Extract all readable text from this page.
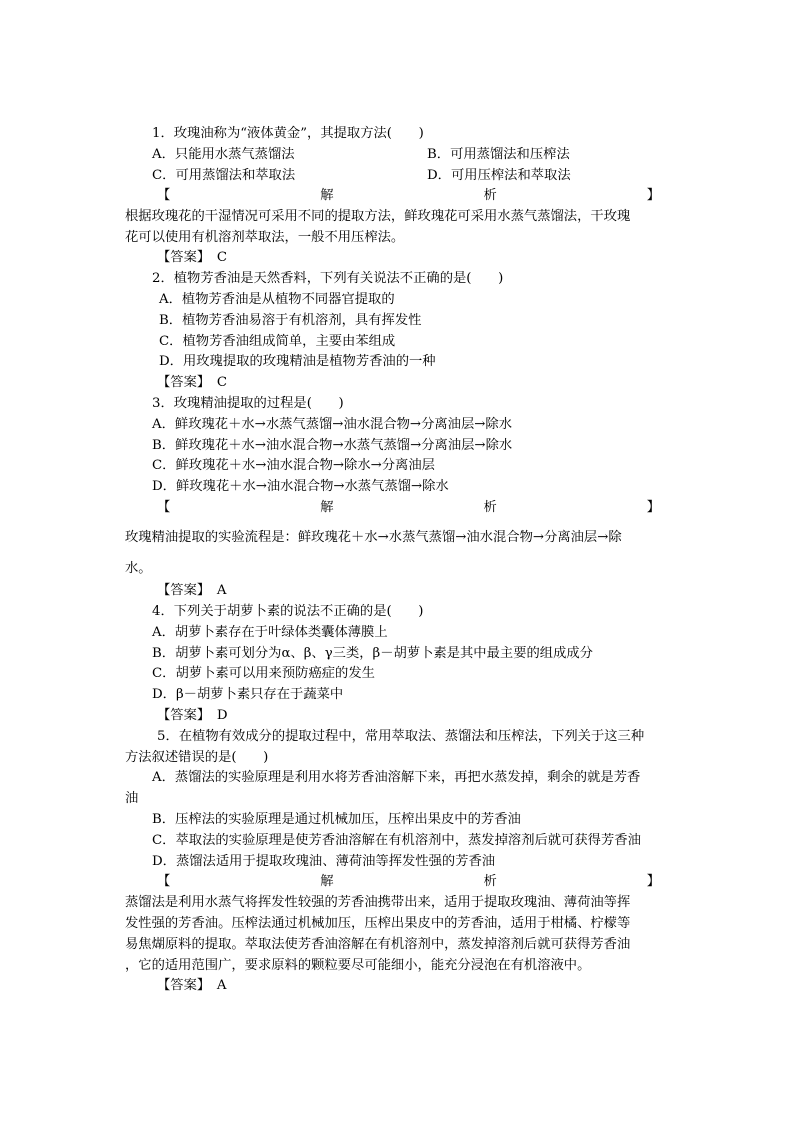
1．玫瑰油称为“液体黄金”，其提取方法(　　)
A．只能用水蒸气蒸馏法	B．可用蒸馏法和压榨法
C．可用蒸馏法和萃取法	D．可用压榨法和萃取法
【	解	析	】
根据玫瑰花的干湿情况可采用不同的提取方法，鲜玫瑰花可采用水蒸气蒸馏法，干玫瑰
花可以使用有机溶剂萃取法，一般不用压榨法。
【答案】　C
2．植物芳香油是天然香料，下列有关说法不正确的是(　　)
A．植物芳香油是从植物不同器官提取的
B．植物芳香油易溶于有机溶剂，具有挥发性
C．植物芳香油组成简单，主要由苯组成
D．用玫瑰提取的玫瑰精油是植物芳香油的一种
【答案】　C
3．玫瑰精油提取的过程是(　　)
A．鲜玫瑰花＋水→水蒸气蒸馏→油水混合物→分离油层→除水
B．鲜玫瑰花＋水→油水混合物→水蒸气蒸馏→分离油层→除水
C．鲜玫瑰花＋水→油水混合物→除水→分离油层
D．鲜玫瑰花＋水→油水混合物→水蒸气蒸馏→除水
【	解	析	】
玫瑰精油提取的实验流程是：鲜玫瑰花＋水→水蒸气蒸馏→油水混合物→分离油层→除
水。
【答案】　A
4．下列关于胡萝卜素的说法不正确的是(　　)
A．胡萝卜素存在于叶绿体类囊体薄膜上
B．胡萝卜素可划分为α、β、γ三类，β－胡萝卜素是其中最主要的组成成分
C．胡萝卜素可以用来预防癌症的发生
D．β－胡萝卜素只存在于蔬菜中
【答案】　D
5．在植物有效成分的提取过程中，常用萃取法、蒸馏法和压榨法，下列关于这三种
方法叙述错误的是(　　)
A．蒸馏法的实验原理是利用水将芳香油溶解下来，再把水蒸发掉，剩余的就是芳香
油
B．压榨法的实验原理是通过机械加压，压榨出果皮中的芳香油
C．萃取法的实验原理是使芳香油溶解在有机溶剂中，蒸发掉溶剂后就可获得芳香油
D．蒸馏法适用于提取玫瑰油、薄荷油等挥发性强的芳香油
【	解	析	】
蒸馏法是利用水蒸气将挥发性较强的芳香油携带出来，适用于提取玫瑰油、薄荷油等挥
发性强的芳香油。压榨法通过机械加压，压榨出果皮中的芳香油，适用于柑橘、柠檬等
易焦煳原料的提取。萃取法使芳香油溶解在有机溶剂中，蒸发掉溶剂后就可获得芳香油
，它的适用范围广，要求原料的颗粒要尽可能细小，能充分浸泡在有机溶液中。
【答案】　A
